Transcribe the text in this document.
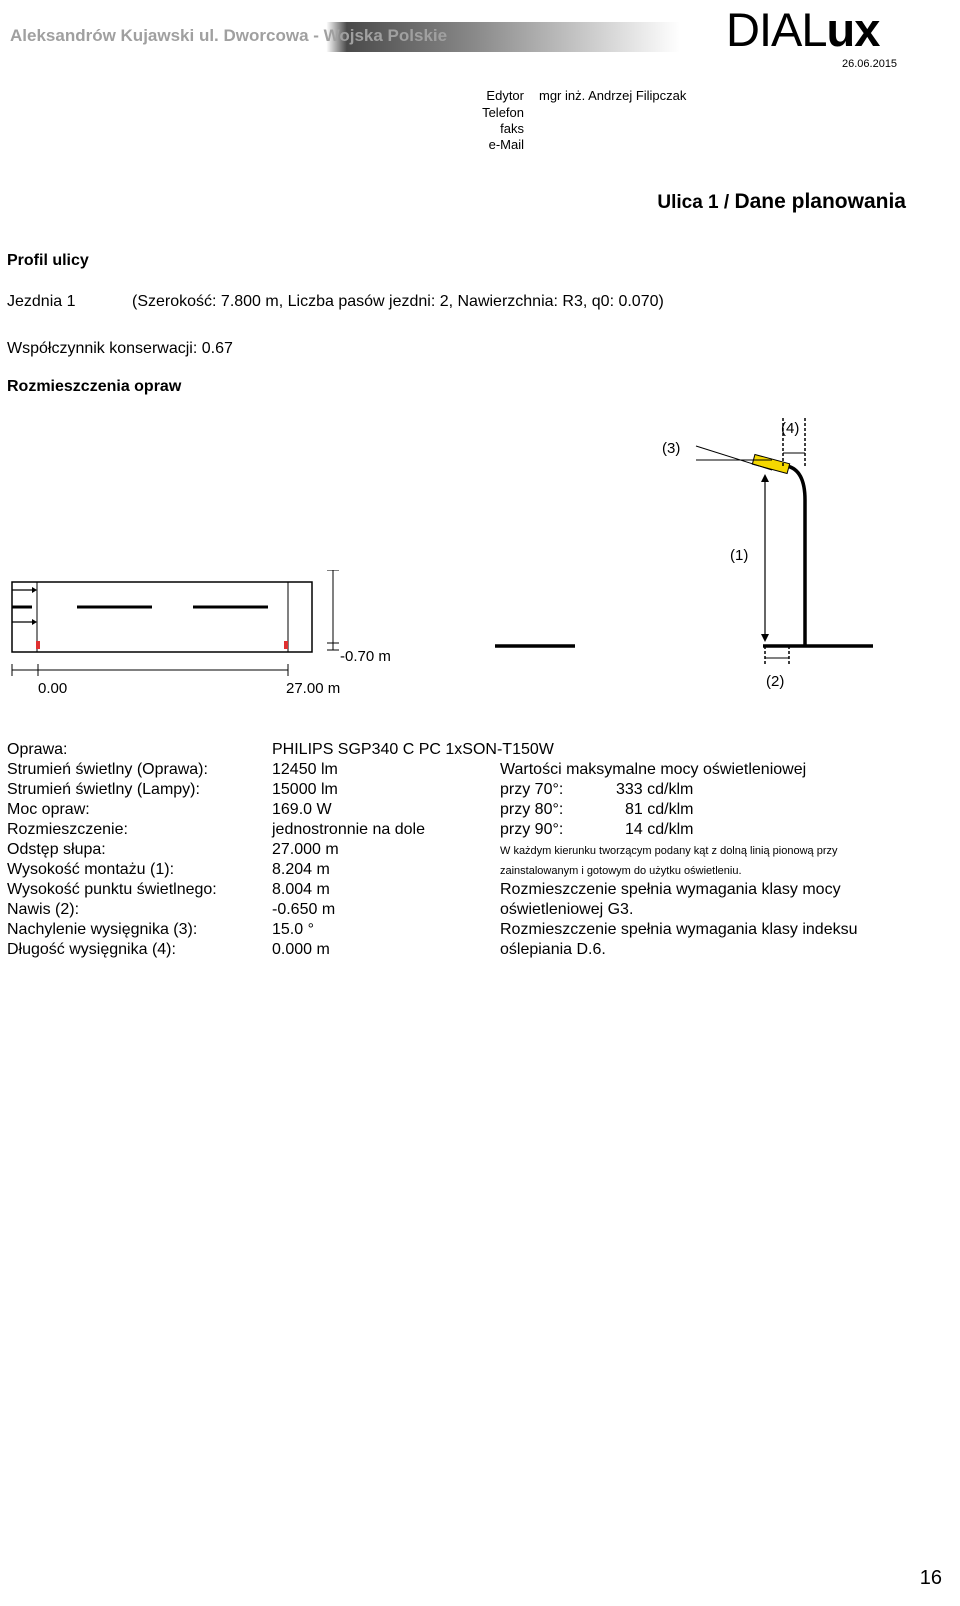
Aleksandrów Kujawski ul. Dworcowa - Wojska Polskie	DIALux
26.06.2015
Edytor mgr inż. Andrzej Filipczak
Telefon
faks
e-Mail
Ulica 1 / Dane planowania
Profil ulicy
Jezdnia 1	(Szerokość: 7.800 m, Liczba pasów jezdni: 2, Nawierzchnia: R3, q0: 0.070)
Współczynnik konserwacji: 0.67
Rozmieszczenia opraw
-0.70 m
0.00	27.00 m
(3)
(4)
(1)
(2)
Oprawa:	PHILIPS SGP340 C PC 1xSON-T150W
Strumień świetlny (Oprawa):	12450 lm
Strumień świetlny (Lampy):	15000 lm
Moc opraw:	169.0 W
Rozmieszczenie:	jednostronnie na dole
Odstęp słupa:	27.000 m
Wysokość montażu (1):	8.204 m
Wysokość punktu świetlnego:	8.004 m
Nawis (2):	-0.650 m
Nachylenie wysięgnika (3):	15.0 °
Długość wysięgnika (4):	0.000 m
Wartości maksymalne mocy oświetleniowej
przy 70°:	333 cd/klm
przy 80°:	81 cd/klm
przy 90°:	14 cd/klm
W każdym kierunku tworzącym podany kąt z dolną linią pionową przy
zainstalowanym i gotowym do użytku oświetleniu.
Rozmieszczenie spełnia wymagania klasy mocy
oświetleniowej G3.
Rozmieszczenie spełnia wymagania klasy indeksu
oślepiania D.6.
16
